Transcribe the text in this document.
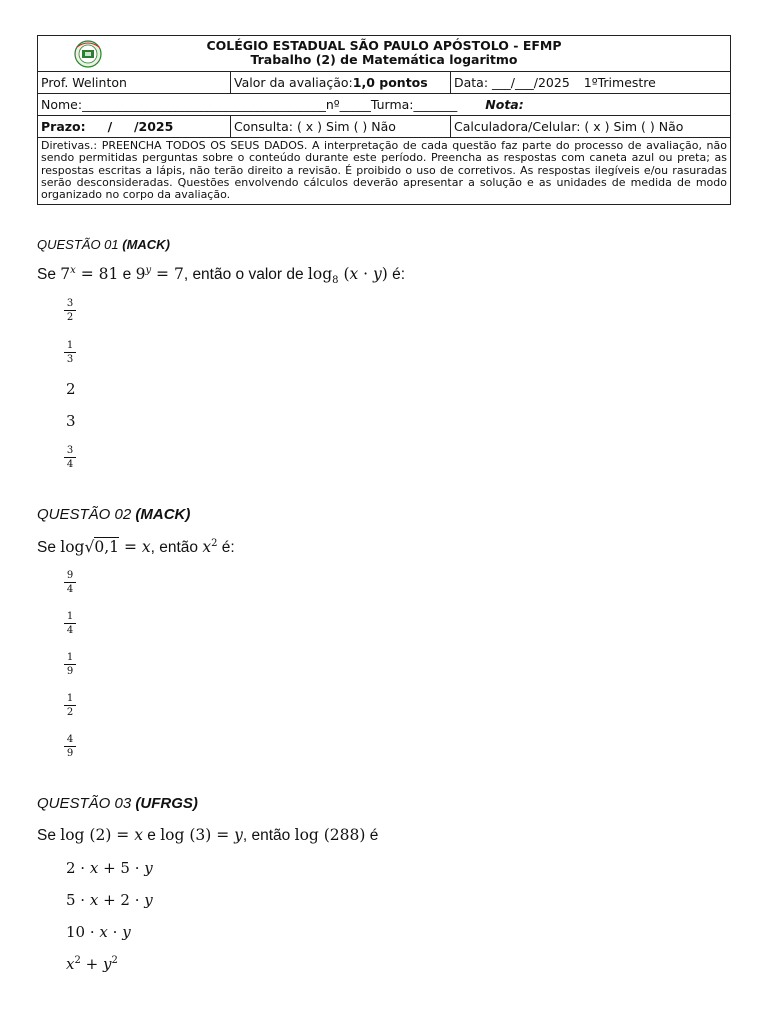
COLÉGIO ESTADUAL SÃO PAULO APÓSTOLO - EFMP
Trabalho (2) de Matemática logaritmo
Prof. Welinton	Valor da avaliação: 1,0 pontos Data: ___/___/2025 1ºTrimestre
Nome:_______________________________________nº_____Turma:_______ Nota:
Prazo: /     /2025	Consulta: ( x ) Sim ( ) Não	Calculadora/Celular: ( x ) Sim ( ) Não
Diretivas.: PREENCHA TODOS OS SEUS DADOS. A interpretação de cada questão faz parte do processo de avaliação, não sendo permitidas perguntas sobre o conteúdo durante este período. Preencha as respostas com caneta azul ou preta; as respostas escritas a lápis, não terão direito a revisão. É proibido o uso de corretivos. As respostas ilegíveis e/ou rasuradas serão desconsideradas. Questões envolvendo cálculos deverão apresentar a solução e as unidades de medida de modo organizado no corpo da avaliação.
QUESTÃO 01 (MACK)
Se $7^x = 81$ e $9^y = 7$, então o valor de $\log_8 (x \cdot y)$ é:
$\frac{3}{2}$
$\frac{1}{3}$
2
3
$\frac{3}{4}$
QUESTÃO 02 (MACK)
Se log√0,1 = x, então $x^2$ é:
$\frac{9}{4}$
$\frac{1}{4}$
$\frac{1}{9}$
$\frac{1}{2}$
$\frac{4}{9}$
QUESTÃO 03 (UFRGS)
Se log (2) = x e log (3) = y, então log (288) é
2 · x + 5 · y
5 · x + 2 · y
10 · x · y
$x^2 + y^2$
